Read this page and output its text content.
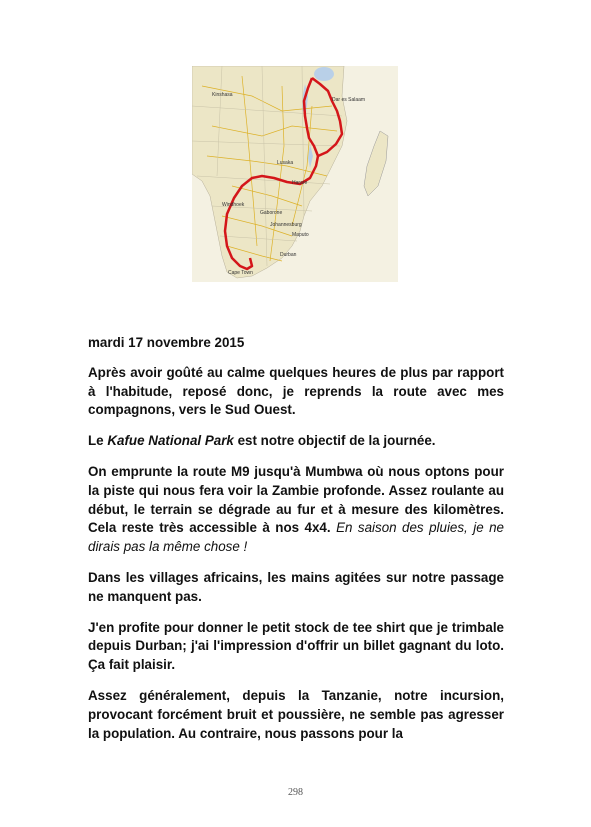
Dar es Salaam
Kinshasa
Lusaka
Harare
Windhoek
Gaborone
Johannesburg
Maputo
Durban
Cape Town

mardi 17 novembre 2015

Après avoir goûté au calme quelques heures de plus par rapport à l'habitude, reposé donc, je reprends la route avec mes compagnons, vers le Sud Ouest.

Le Kafue National Park est notre objectif de la journée.

On emprunte la route M9 jusqu'à Mumbwa où nous optons pour la piste qui nous fera voir la Zambie profonde. Assez roulante au début, le terrain se dégrade au fur et à mesure des kilomètres. Cela reste très accessible à nos 4x4. En saison des pluies, je ne dirais pas la même chose !

Dans les villages africains, les mains agitées sur notre passage ne manquent pas.

J'en profite pour donner le petit stock de tee shirt que je trimbale depuis Durban; j'ai l'impression d'offrir un billet gagnant du loto. Ça fait plaisir.

Assez généralement, depuis la Tanzanie, notre incursion, provocant forcément bruit et poussière, ne semble pas agresser la population. Au contraire, nous passons pour la

298
